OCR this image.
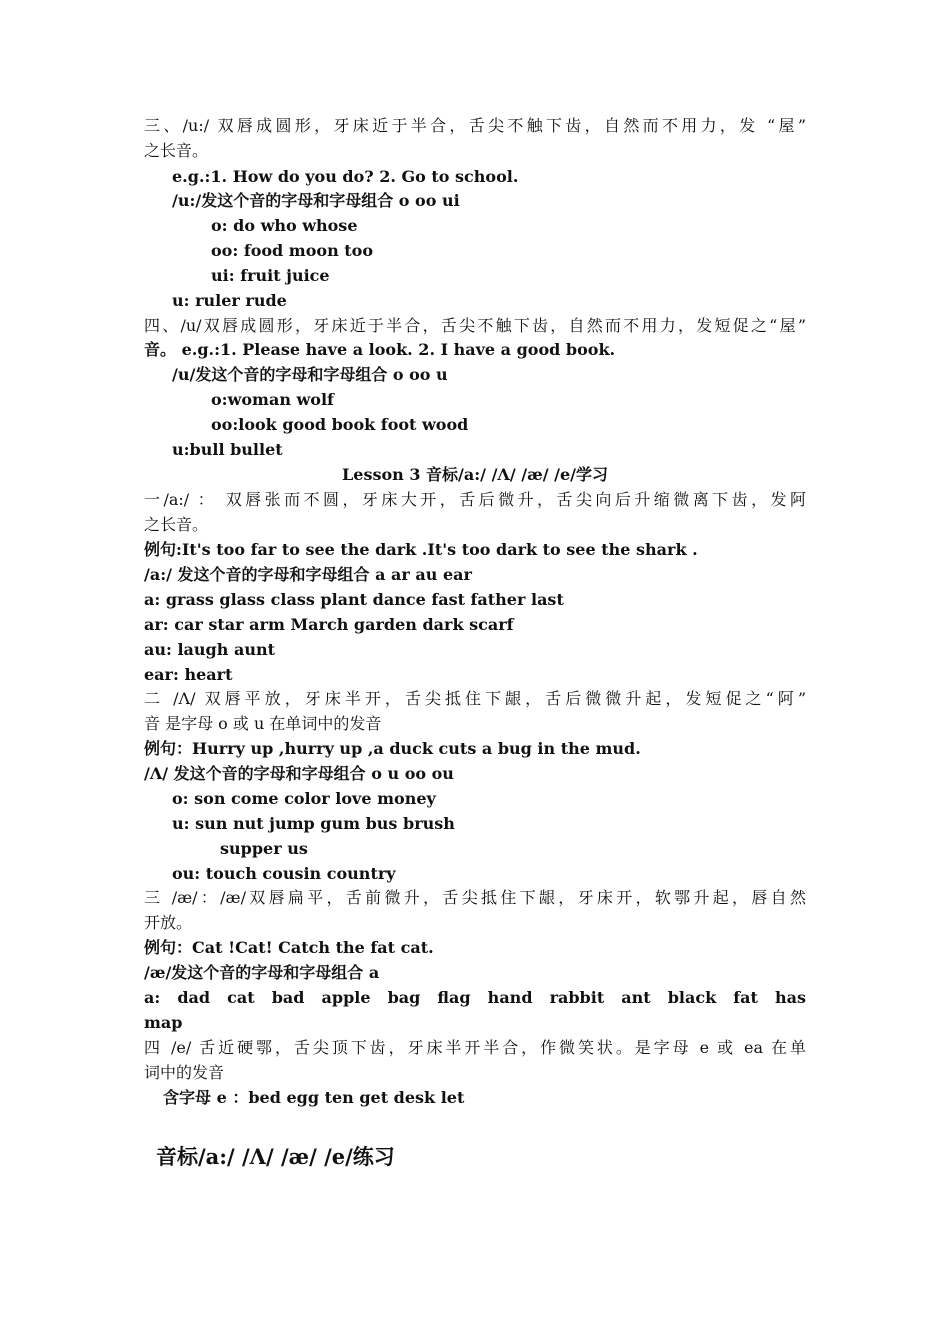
三、/u:/ 双唇成圆形，牙床近于半合，舌尖不触下齿，自然而不用力，发 “屋”
之长音。
e.g.:1. How do you do? 2. Go to school.
/u:/发这个音的字母和字母组合 o oo ui
o: do who whose
oo: food moon too
ui: fruit juice
u: ruler rude
四、/u/双唇成圆形，牙床近于半合，舌尖不触下齿，自然而不用力，发短促之“屋”
音。 e.g.:1. Please have a look. 2. I have a good book.
/u/发这个音的字母和字母组合 o oo u
o:woman wolf
oo:look good book foot wood
u:bull bullet
Lesson 3 音标/a:/ /Λ/ /æ/ /e/学习
一/a:/ ： 双唇张而不圆，牙床大开，舌后微升，舌尖向后升缩微离下齿，发阿
之长音。
例句:It's too far to see the dark .It's too dark to see the shark .
/a:/ 发这个音的字母和字母组合 a ar au ear
a: grass glass class plant dance fast father last
ar: car star arm March garden dark scarf
au: laugh aunt
ear: heart
二 /Λ/ 双唇平放，牙床半开，舌尖抵住下龈，舌后微微升起，发短促之“阿”
音 是字母 o 或 u 在单词中的发音
例句：Hurry up ,hurry up ,a duck cuts a bug in the mud.
/Λ/ 发这个音的字母和字母组合 o u oo ou
o: son come color love money
u: sun nut jump gum bus brush
supper us
ou: touch cousin country
三 /æ/：/æ/双唇扁平，舌前微升，舌尖抵住下龈，牙床开，软鄂升起，唇自然
开放。
例句：Cat !Cat! Catch the fat cat.
/æ/发这个音的字母和字母组合 a
a: dad cat bad apple bag flag hand rabbit ant black fat has
map
四 /e/ 舌近硬鄂，舌尖顶下齿，牙床半开半合，作微笑状。是字母 e 或 ea 在单
词中的发音
含字母 e ：bed egg ten get desk let
音标/a:/ /Λ/ /æ/ /e/练习
